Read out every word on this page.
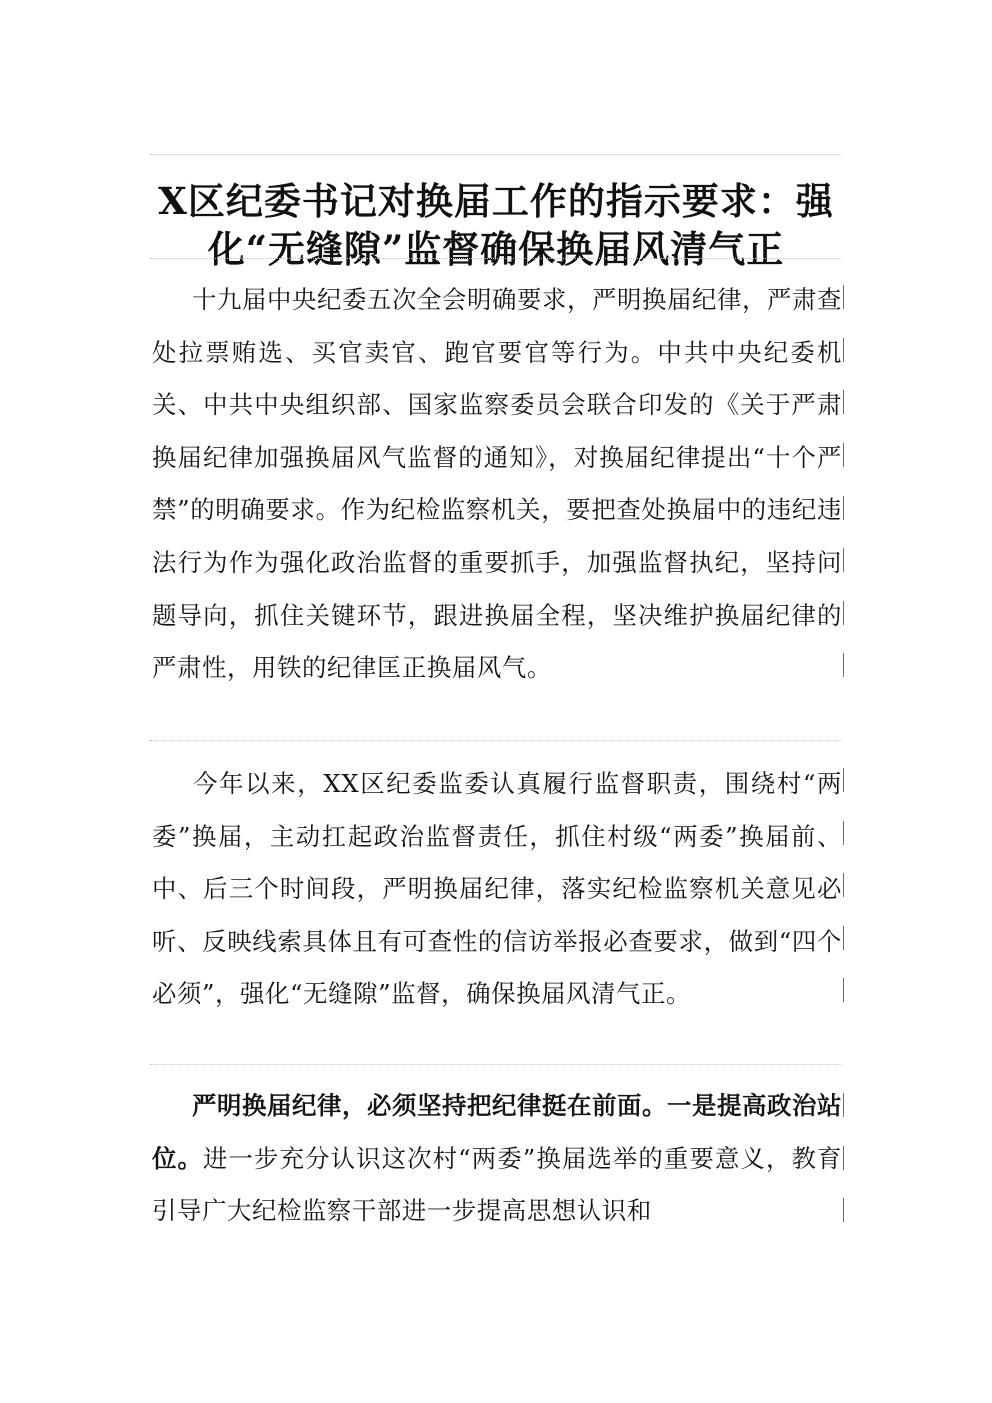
X区纪委书记对换届工作的指示要求：强化“无缝隙”监督确保换届风清气正
十九届中央纪委五次全会明确要求，严明换届纪律，严肃查处拉票贿选、买官卖官、跑官要官等行为。中共中央纪委机关、中共中央组织部、国家监察委员会联合印发的《关于严肃换届纪律加强换届风气监督的通知》，对换届纪律提出“十个严禁”的明确要求。作为纪检监察机关，要把查处换届中的违纪违法行为作为强化政治监督的重要抓手，加强监督执纪，坚持问题导向，抓住关键环节，跟进换届全程，坚决维护换届纪律的严肃性，用铁的纪律匡正换届风气。
今年以来，XX区纪委监委认真履行监督职责，围绕村“两委”换届，主动扛起政治监督责任，抓住村级“两委”换届前、中、后三个时间段，严明换届纪律，落实纪检监察机关意见必听、反映线索具体且有可查性的信访举报必查要求，做到“四个必须”，强化“无缝隙”监督，确保换届风清气正。
严明换届纪律，必须坚持把纪律挺在前面。一是提高政治站位。进一步充分认识这次村“两委”换届选举的重要意义，教育引导广大纪检监察干部进一步提高思想认识和
